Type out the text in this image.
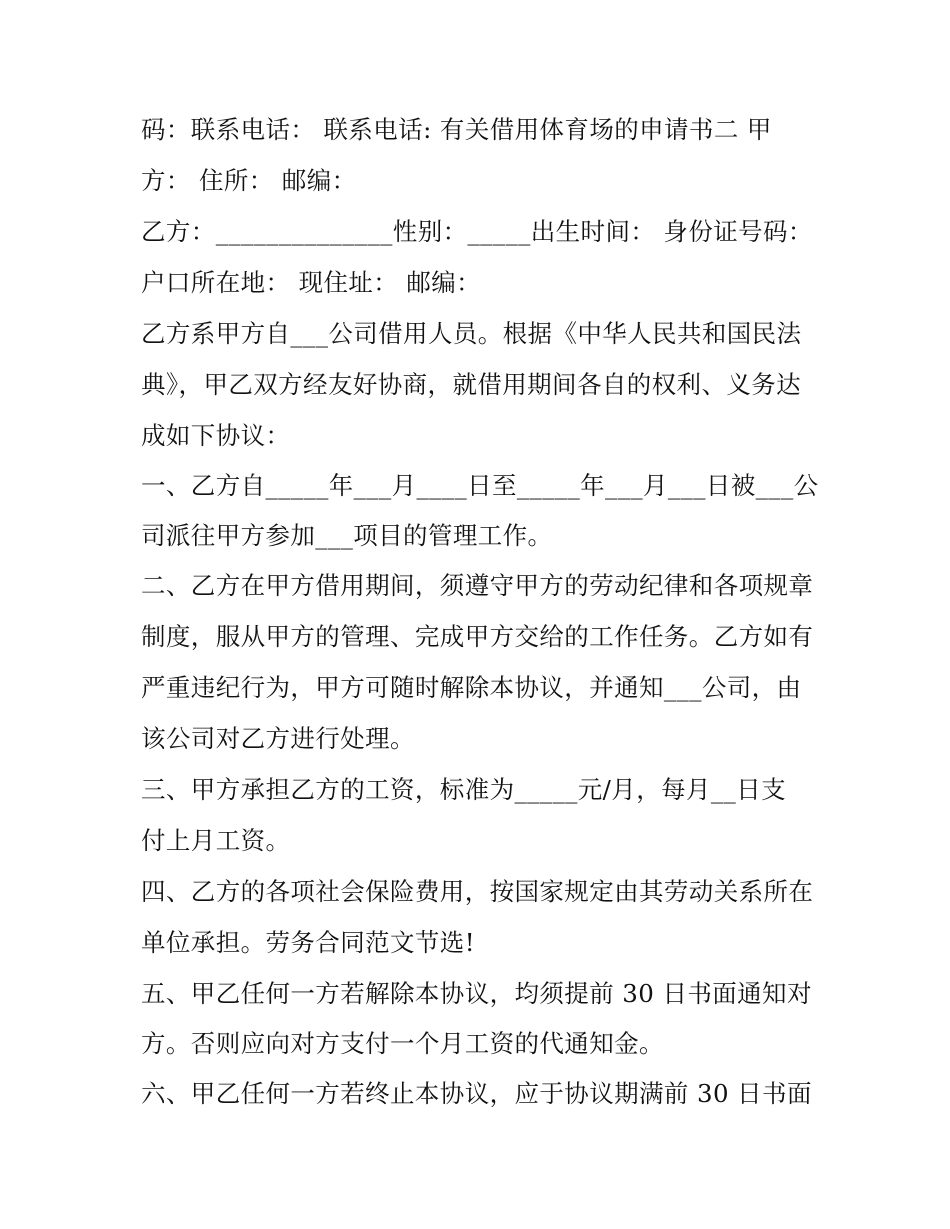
码：联系电话： 联系电话: 有关借用体育场的申请书二 甲

方： 住所： 邮编：

乙方：______________性别：_____出生时间： 身份证号码：

户口所在地： 现住址： 邮编：

乙方系甲方自___公司借用人员。根据《中华人民共和国民法

典》，甲乙双方经友好协商，就借用期间各自的权利、义务达

成如下协议：

一、乙方自_____年___月____日至_____年___月___日被___公

司派往甲方参加___项目的管理工作。

二、乙方在甲方借用期间，须遵守甲方的劳动纪律和各项规章

制度，服从甲方的管理、完成甲方交给的工作任务。乙方如有

严重违纪行为，甲方可随时解除本协议，并通知___公司，由

该公司对乙方进行处理。

三、甲方承担乙方的工资，标准为_____元/月，每月__日支

付上月工资。

四、乙方的各项社会保险费用，按国家规定由其劳动关系所在

单位承担。劳务合同范文节选!

五、甲乙任何一方若解除本协议，均须提前 30 日书面通知对

方。否则应向对方支付一个月工资的代通知金。

六、甲乙任何一方若终止本协议，应于协议期满前 30 日书面
